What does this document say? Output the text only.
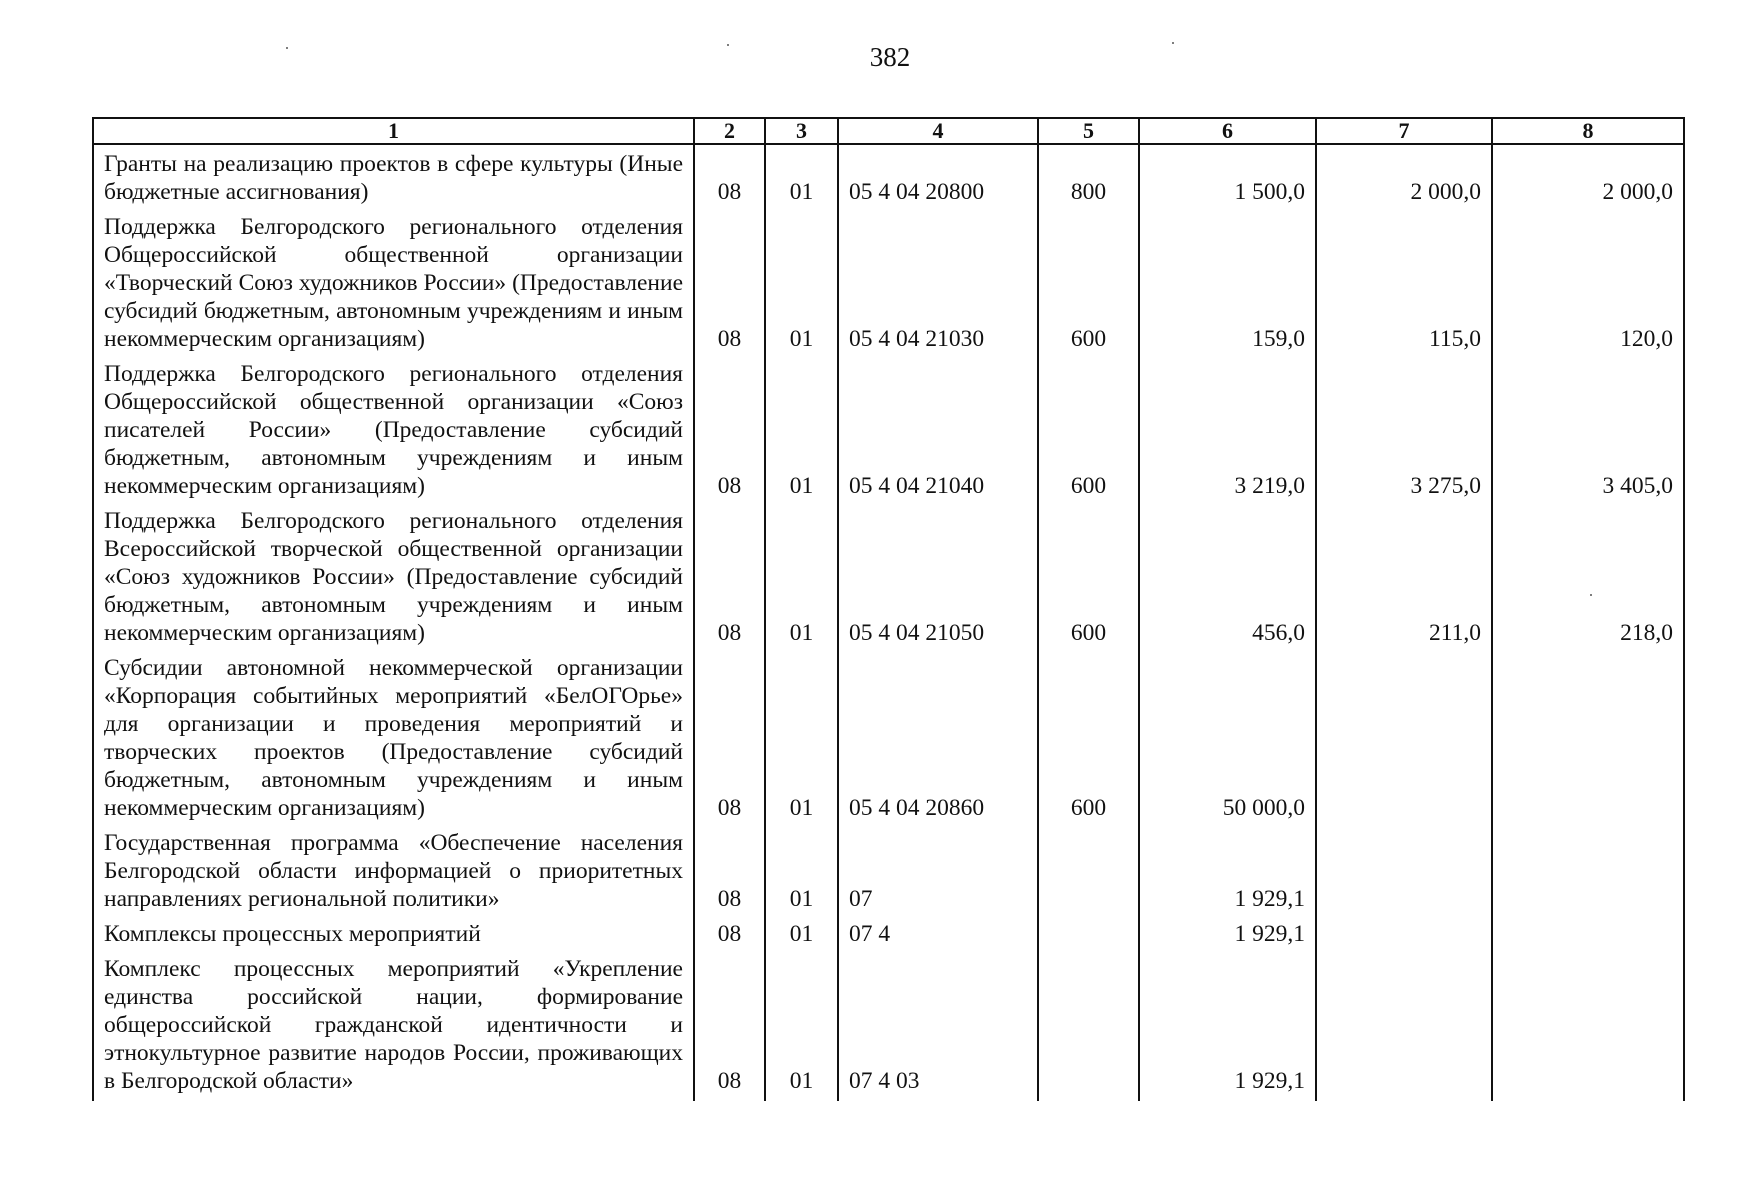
382
1	2	3	4	5	6	7	8
Гранты на реализацию проектов в сфере культуры (Иные бюджетные ассигнования)	08	01	05 4 04 20800	800	1 500,0	2 000,0	2 000,0
Поддержка Белгородского регионального отделения Общероссийской общественной организации «Творческий Союз художников России» (Предоставление субсидий бюджетным, автономным учреждениям и иным некоммерческим организациям)	08	01	05 4 04 21030	600	159,0	115,0	120,0
Поддержка Белгородского регионального отделения Общероссийской общественной организации «Союз писателей России» (Предоставление субсидий бюджетным, автономным учреждениям и иным некоммерческим организациям)	08	01	05 4 04 21040	600	3 219,0	3 275,0	3 405,0
Поддержка Белгородского регионального отделения Всероссийской творческой общественной организации «Союз художников России» (Предоставление субсидий бюджетным, автономным учреждениям и иным некоммерческим организациям)	08	01	05 4 04 21050	600	456,0	211,0	218,0
Субсидии автономной некоммерческой организации «Корпорация событийных мероприятий «БелОГОрье» для организации и проведения мероприятий и творческих проектов (Предоставление субсидий бюджетным, автономным учреждениям и иным некоммерческим организациям)	08	01	05 4 04 20860	600	50 000,0		
Государственная программа «Обеспечение населения Белгородской области информацией о приоритетных направлениях региональной политики»	08	01	07		1 929,1		
Комплексы процессных мероприятий	08	01	07 4		1 929,1		
Комплекс процессных мероприятий «Укрепление единства российской нации, формирование общероссийской гражданской идентичности и этнокультурное развитие народов России, проживающих в Белгородской области»	08	01	07 4 03		1 929,1		
